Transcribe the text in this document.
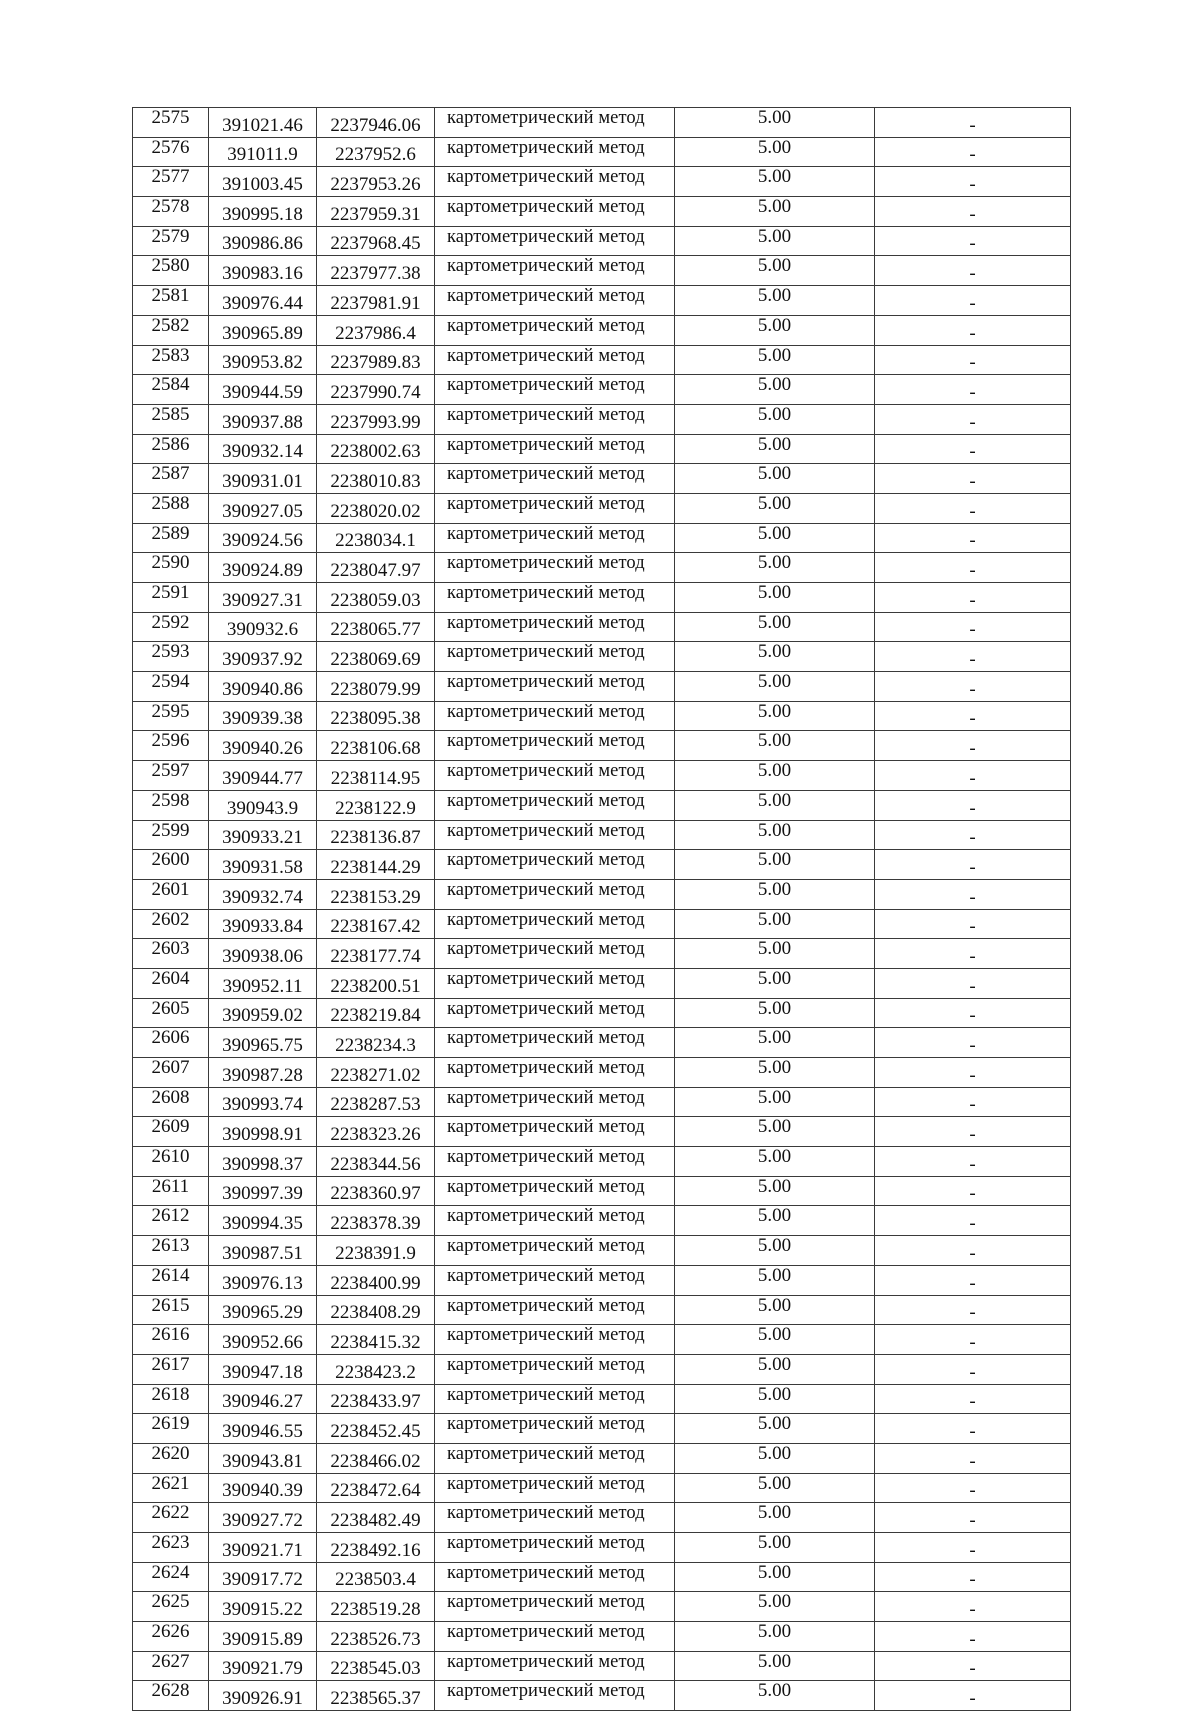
2575	391021.46	2237946.06	картометрический метод	5.00	-
2576	391011.9	2237952.6	картометрический метод	5.00	-
2577	391003.45	2237953.26	картометрический метод	5.00	-
2578	390995.18	2237959.31	картометрический метод	5.00	-
2579	390986.86	2237968.45	картометрический метод	5.00	-
2580	390983.16	2237977.38	картометрический метод	5.00	-
2581	390976.44	2237981.91	картометрический метод	5.00	-
2582	390965.89	2237986.4	картометрический метод	5.00	-
2583	390953.82	2237989.83	картометрический метод	5.00	-
2584	390944.59	2237990.74	картометрический метод	5.00	-
2585	390937.88	2237993.99	картометрический метод	5.00	-
2586	390932.14	2238002.63	картометрический метод	5.00	-
2587	390931.01	2238010.83	картометрический метод	5.00	-
2588	390927.05	2238020.02	картометрический метод	5.00	-
2589	390924.56	2238034.1	картометрический метод	5.00	-
2590	390924.89	2238047.97	картометрический метод	5.00	-
2591	390927.31	2238059.03	картометрический метод	5.00	-
2592	390932.6	2238065.77	картометрический метод	5.00	-
2593	390937.92	2238069.69	картометрический метод	5.00	-
2594	390940.86	2238079.99	картометрический метод	5.00	-
2595	390939.38	2238095.38	картометрический метод	5.00	-
2596	390940.26	2238106.68	картометрический метод	5.00	-
2597	390944.77	2238114.95	картометрический метод	5.00	-
2598	390943.9	2238122.9	картометрический метод	5.00	-
2599	390933.21	2238136.87	картометрический метод	5.00	-
2600	390931.58	2238144.29	картометрический метод	5.00	-
2601	390932.74	2238153.29	картометрический метод	5.00	-
2602	390933.84	2238167.42	картометрический метод	5.00	-
2603	390938.06	2238177.74	картометрический метод	5.00	-
2604	390952.11	2238200.51	картометрический метод	5.00	-
2605	390959.02	2238219.84	картометрический метод	5.00	-
2606	390965.75	2238234.3	картометрический метод	5.00	-
2607	390987.28	2238271.02	картометрический метод	5.00	-
2608	390993.74	2238287.53	картометрический метод	5.00	-
2609	390998.91	2238323.26	картометрический метод	5.00	-
2610	390998.37	2238344.56	картометрический метод	5.00	-
2611	390997.39	2238360.97	картометрический метод	5.00	-
2612	390994.35	2238378.39	картометрический метод	5.00	-
2613	390987.51	2238391.9	картометрический метод	5.00	-
2614	390976.13	2238400.99	картометрический метод	5.00	-
2615	390965.29	2238408.29	картометрический метод	5.00	-
2616	390952.66	2238415.32	картометрический метод	5.00	-
2617	390947.18	2238423.2	картометрический метод	5.00	-
2618	390946.27	2238433.97	картометрический метод	5.00	-
2619	390946.55	2238452.45	картометрический метод	5.00	-
2620	390943.81	2238466.02	картометрический метод	5.00	-
2621	390940.39	2238472.64	картометрический метод	5.00	-
2622	390927.72	2238482.49	картометрический метод	5.00	-
2623	390921.71	2238492.16	картометрический метод	5.00	-
2624	390917.72	2238503.4	картометрический метод	5.00	-
2625	390915.22	2238519.28	картометрический метод	5.00	-
2626	390915.89	2238526.73	картометрический метод	5.00	-
2627	390921.79	2238545.03	картометрический метод	5.00	-
2628	390926.91	2238565.37	картометрический метод	5.00	-
